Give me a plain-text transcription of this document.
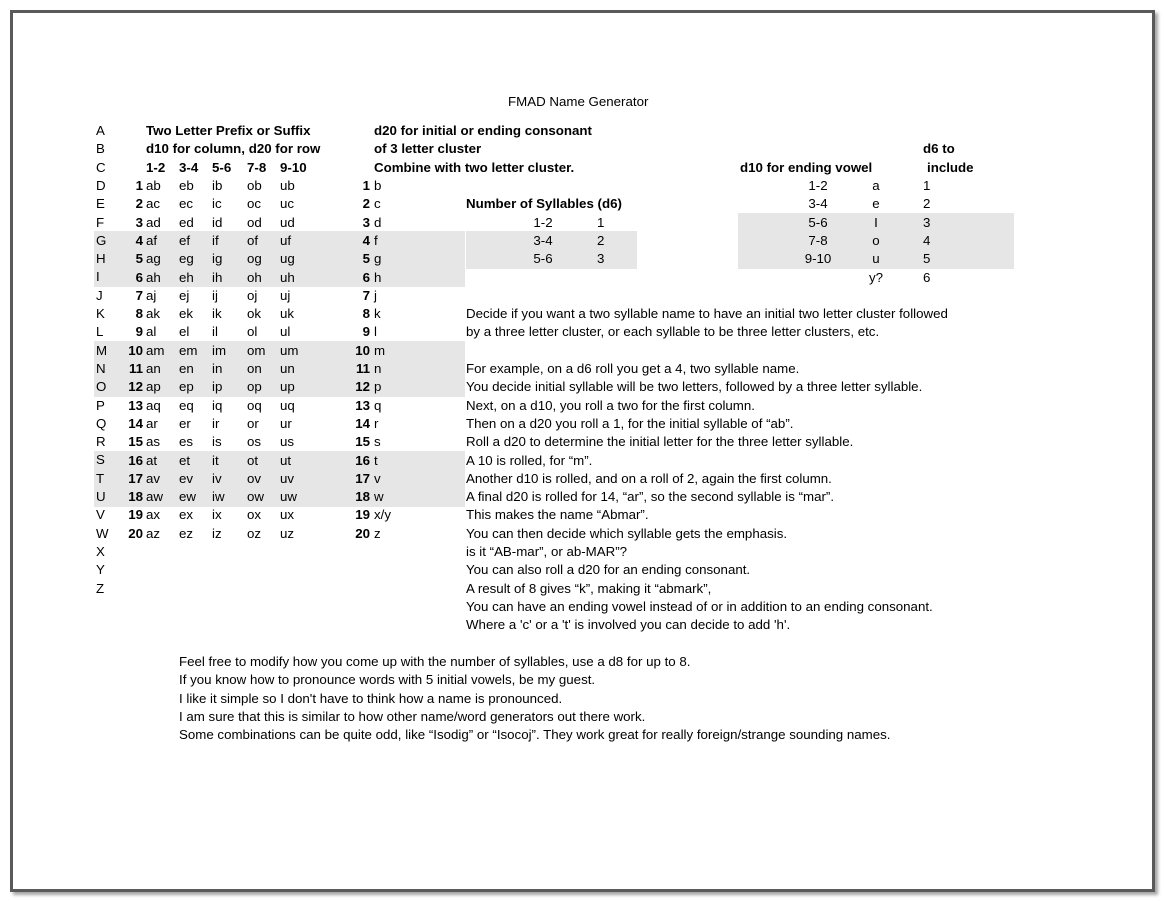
FMAD Name Generator
A
B
C
D
E
F
G
H
I
J
K
L
M
N
O
P
Q
R
S
T
U
V
W
X
Y
Z
Two Letter Prefix or Suffix
d10 for column, d20 for row
1-2 3-4 5-6 7-8 9-10
d20 for initial or ending consonant
of 3 letter cluster
Combine with two letter cluster.
1 ab eb ib ob ub	1 b
2 ac ec ic oc uc	2 c
3 ad ed id od ud	3 d
4 af ef if of uf	4 f
5 ag eg ig og ug	5 g
6 ah eh ih oh uh	6 h
7 aj ej ij oj uj	7 j
8 ak ek ik ok uk	8 k
9 al el il ol ul	9 l
10 am em im om um	10 m
11 an en in on un	11 n
12 ap ep ip op up	12 p
13 aq eq iq oq uq	13 q
14 ar er ir or ur	14 r
15 as es is os us	15 s
16 at et it ot ut	16 t
17 av ev iv ov uv	17 v
18 aw ew iw ow uw	18 w
19 ax ex ix ox ux	19 x/y
20 az ez iz oz uz	20 z
Number of Syllables (d6)
1-2	1
3-4	2
5-6	3
d10 for ending vowel
d6 to
include
1-2	a	1
3-4	e	2
5-6	I	3
7-8	o	4
9-10	u	5
y?	6
Decide if you want a two syllable name to have an initial two letter cluster followed
by a three letter cluster, or each syllable to be three letter clusters, etc.
For example, on a d6 roll you get a 4, two syllable name.
You decide initial syllable will be two letters, followed by a three letter syllable.
Next, on a d10, you roll a two for the first column.
Then on a d20 you roll a 1, for the initial syllable of “ab”.
Roll a d20 to determine the initial letter for the three letter syllable.
A 10 is rolled, for “m”.
Another d10 is rolled, and on a roll of 2, again the first column.
A final d20 is rolled for 14, “ar”, so the second syllable is “mar”.
This makes the name “Abmar”.
You can then decide which syllable gets the emphasis.
is it “AB-mar”, or ab-MAR”?
You can also roll a d20 for an ending consonant.
A result of 8 gives “k”, making it “abmark”,
You can have an ending vowel instead of or in addition to an ending consonant.
Where a 'c' or a 't' is involved you can decide to add 'h'.
Feel free to modify how you come up with the number of syllables, use a d8 for up to 8.
If you know how to pronounce words with 5 initial vowels, be my guest.
I like it simple so I don't have to think how a name is pronounced.
I am sure that this is similar to how other name/word generators out there work.
Some combinations can be quite odd, like “Isodig” or “Isocoj”. They work great for really foreign/strange sounding names.
